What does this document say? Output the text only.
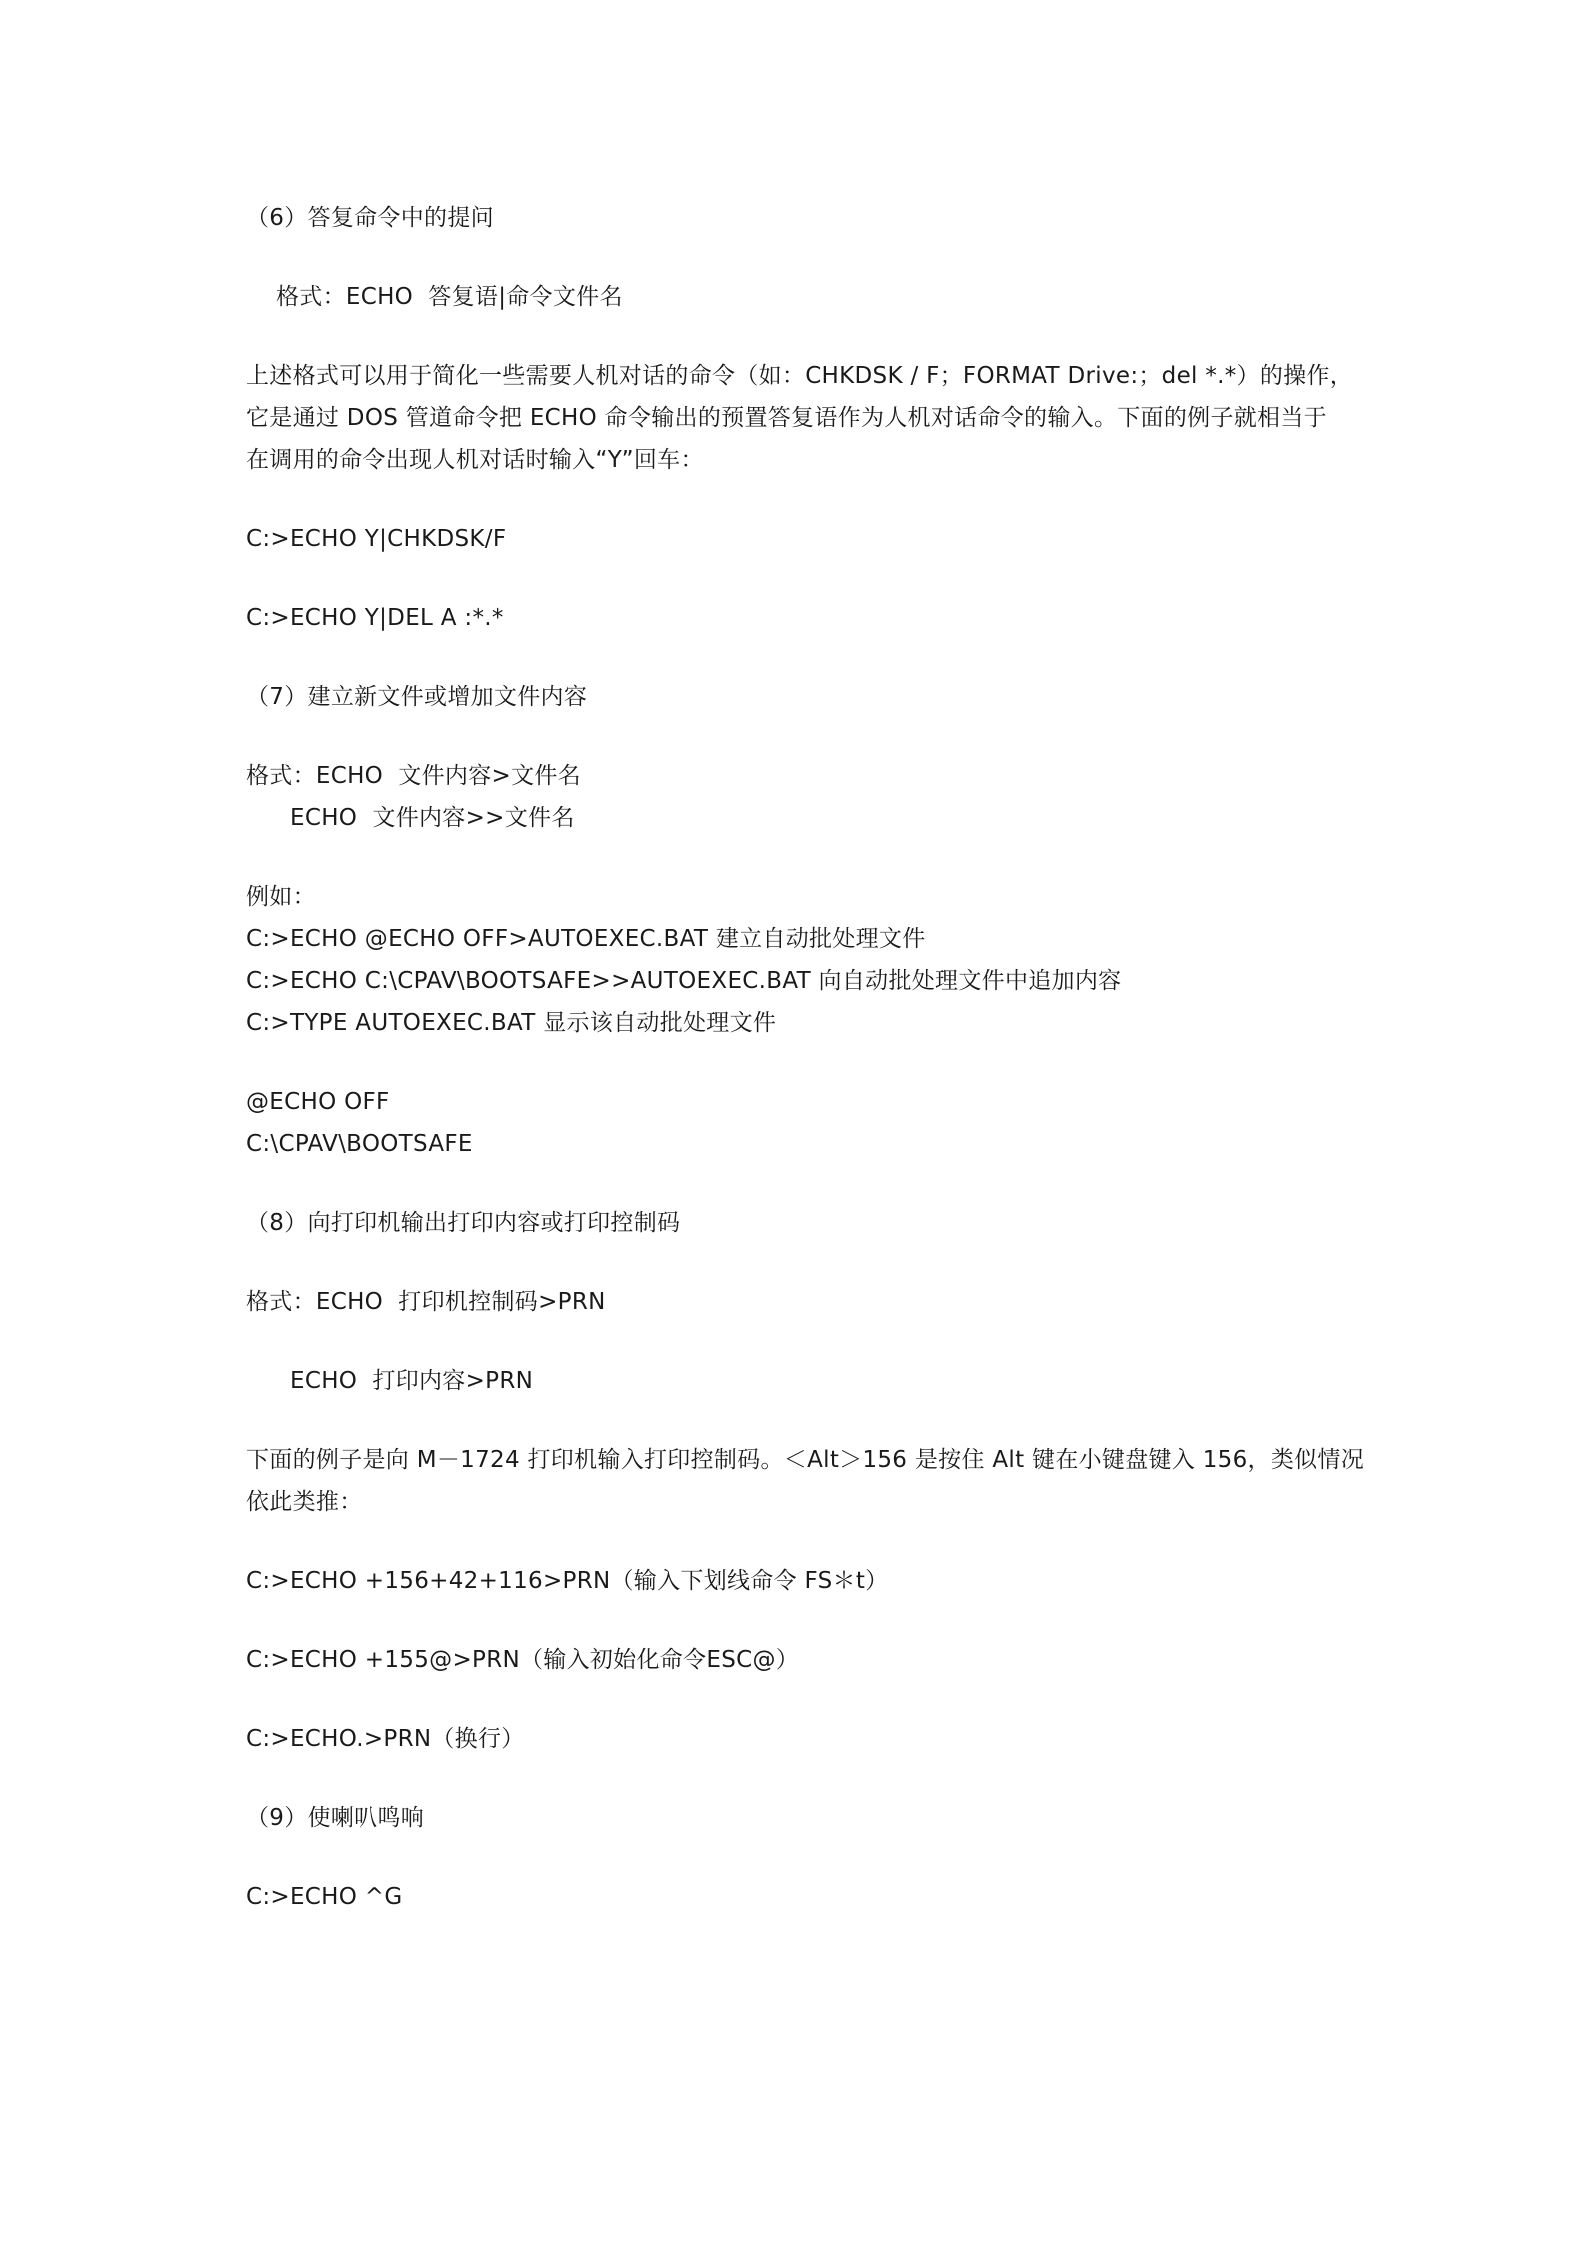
（6）答复命令中的提问
格式：ECHO  答复语|命令文件名
上述格式可以用于简化一些需要人机对话的命令（如：CHKDSK / F；FORMAT Drive:；del *.*）的操作，
它是通过 DOS 管道命令把 ECHO 命令输出的预置答复语作为人机对话命令的输入。下面的例子就相当于
在调用的命令出现人机对话时输入“Y”回车：
C:>ECHO Y|CHKDSK/F
C:>ECHO Y|DEL A :*.*
（7）建立新文件或增加文件内容
格式：ECHO  文件内容>文件名
ECHO  文件内容>>文件名
例如：
C:>ECHO @ECHO OFF>AUTOEXEC.BAT 建立自动批处理文件
C:>ECHO C:\CPAV\BOOTSAFE>>AUTOEXEC.BAT 向自动批处理文件中追加内容
C:>TYPE AUTOEXEC.BAT 显示该自动批处理文件
@ECHO OFF
C:\CPAV\BOOTSAFE
（8）向打印机输出打印内容或打印控制码
格式：ECHO  打印机控制码>PRN
ECHO  打印内容>PRN
下面的例子是向 M－1724 打印机输入打印控制码。＜Alt＞156 是按住 Alt 键在小键盘键入 156，类似情况
依此类推：
C:>ECHO +156+42+116>PRN（输入下划线命令 FS＊t）
C:>ECHO +155@>PRN（输入初始化命令ESC@）
C:>ECHO.>PRN（换行）
（9）使喇叭鸣响
C:>ECHO ^G
